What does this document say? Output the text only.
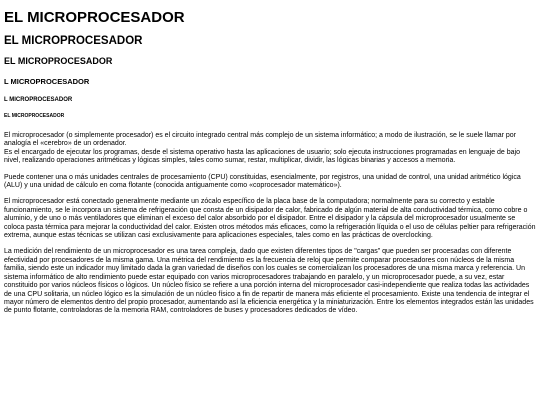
EL MICROPROCESADOR
EL MICROPROCESADOR
EL MICROPROCESADOR
L MICROPROCESADOR
L MICROPROCESADOR
EL MICROPROCESADOR

El microprocesador (o simplemente procesador) es el circuito integrado central más complejo de un sistema informático; a modo de ilustración, se le suele llamar por analogía el «cerebro» de un ordenador.
Es el encargado de ejecutar los programas, desde el sistema operativo hasta las aplicaciones de usuario; solo ejecuta instrucciones programadas en lenguaje de bajo nivel, realizando operaciones aritméticas y lógicas simples, tales como sumar, restar, multiplicar, dividir, las lógicas binarias y accesos a memoria.

Puede contener una o más unidades centrales de procesamiento (CPU) constituidas, esencialmente, por registros, una unidad de control, una unidad aritmético lógica (ALU) y una unidad de cálculo en coma flotante (conocida antiguamente como «coprocesador matemático»).

El microprocesador está conectado generalmente mediante un zócalo específico de la placa base de la computadora; normalmente para su correcto y estable funcionamiento, se le incorpora un sistema de refrigeración que consta de un disipador de calor, fabricado de algún material de alta conductividad térmica, como cobre o aluminio, y de uno o más ventiladores que eliminan el exceso del calor absorbido por el disipador. Entre el disipador y la cápsula del microprocesador usualmente se coloca pasta térmica para mejorar la conductividad del calor. Existen otros métodos más eficaces, como la refrigeración líquida o el uso de células peltier para refrigeración extrema, aunque estas técnicas se utilizan casi exclusivamente para aplicaciones especiales, tales como en las prácticas de overclocking.

La medición del rendimiento de un microprocesador es una tarea compleja, dado que existen diferentes tipos de "cargas" que pueden ser procesadas con diferente efectividad por procesadores de la misma gama. Una métrica del rendimiento es la frecuencia de reloj que permite comparar procesadores con núcleos de la misma familia, siendo este un indicador muy limitado dada la gran variedad de diseños con los cuales se comercializan los procesadores de una misma marca y referencia. Un sistema informático de alto rendimiento puede estar equipado con varios microprocesadores trabajando en paralelo, y un microprocesador puede, a su vez, estar constituido por varios núcleos físicos o lógicos. Un núcleo físico se refiere a una porción interna del microprocesador casi-independiente que realiza todas las actividades de una CPU solitaria, un núcleo lógico es la simulación de un núcleo físico a fin de repartir de manera más eficiente el procesamiento. Existe una tendencia de integrar el mayor número de elementos dentro del propio procesador, aumentando así la eficiencia energética y la miniaturización. Entre los elementos integrados están las unidades de punto flotante, controladoras de la memoria RAM, controladores de buses y procesadores dedicados de vídeo.
